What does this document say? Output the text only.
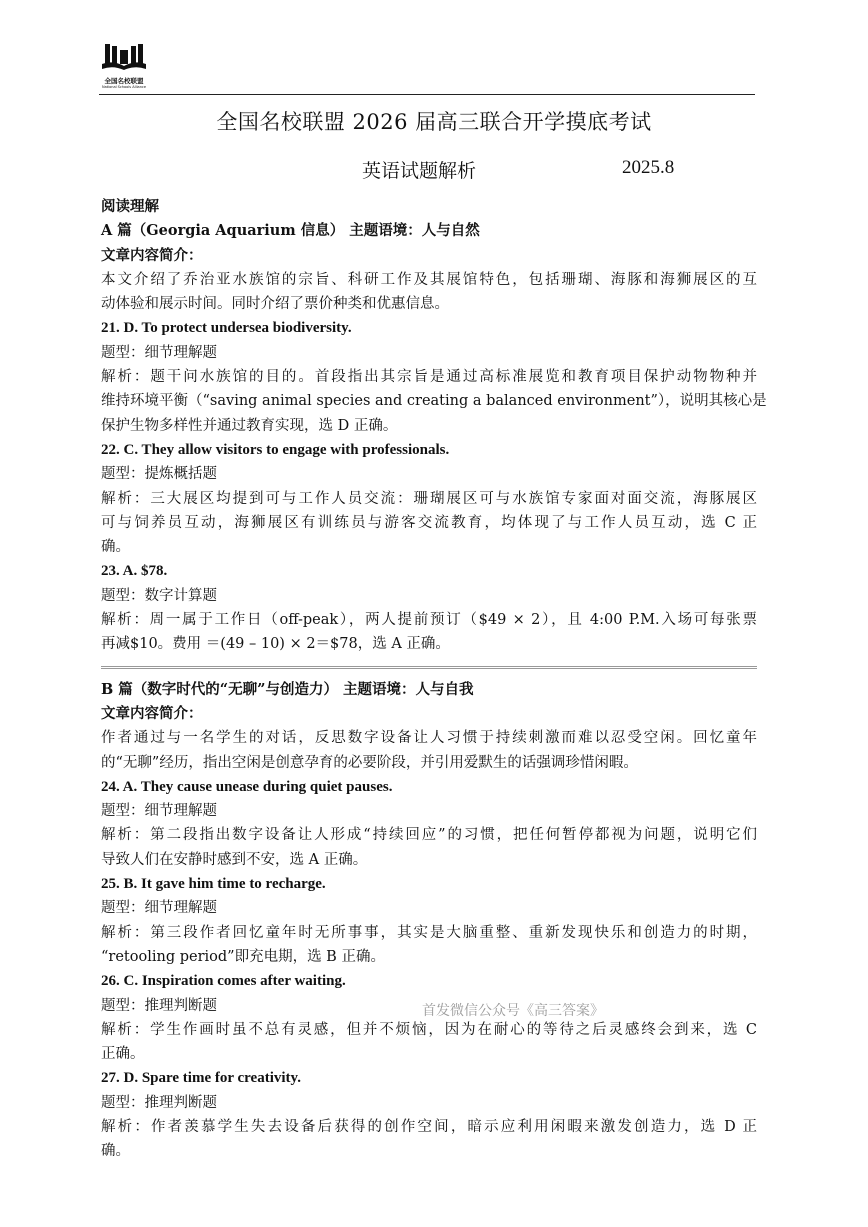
全国名校联盟
National Schools Alliance
全国名校联盟 2026 届高三联合开学摸底考试
英语试题解析	2025.8
阅读理解
A 篇（Georgia Aquarium 信息） 主题语境：人与自然
文章内容简介：
本文介绍了乔治亚水族馆的宗旨、科研工作及其展馆特色，包括珊瑚、海豚和海狮展区的互
动体验和展示时间。同时介绍了票价种类和优惠信息。
21. D. To protect undersea biodiversity.
题型：细节理解题
解析：题干问水族馆的目的。首段指出其宗旨是通过高标准展览和教育项目保护动物物种并
维持环境平衡（“saving animal species and creating a balanced environment”），说明其核心是
保护生物多样性并通过教育实现，选 D 正确。
22. C. They allow visitors to engage with professionals.
题型：提炼概括题
解析：三大展区均提到可与工作人员交流：珊瑚展区可与水族馆专家面对面交流，海豚展区
可与饲养员互动，海狮展区有训练员与游客交流教育，均体现了与工作人员互动，选 C 正
确。
23. A. $78.
题型：数字计算题
解析：周一属于工作日（off-peak），两人提前预订（$49 × 2），且 4:00 P.M.入场可每张票
再减$10。费用 ＝(49 – 10) × 2＝$78，选 A 正确。
B 篇（数字时代的“无聊”与创造力） 主题语境：人与自我
文章内容简介：
作者通过与一名学生的对话，反思数字设备让人习惯于持续刺激而难以忍受空闲。回忆童年
的“无聊”经历，指出空闲是创意孕育的必要阶段，并引用爱默生的话强调珍惜闲暇。
24. A. They cause unease during quiet pauses.
题型：细节理解题
解析：第二段指出数字设备让人形成“持续回应”的习惯，把任何暂停都视为问题，说明它们
导致人们在安静时感到不安，选 A 正确。
25. B. It gave him time to recharge.
题型：细节理解题
解析：第三段作者回忆童年时无所事事，其实是大脑重整、重新发现快乐和创造力的时期，
“retooling period”即充电期，选 B 正确。
26. C. Inspiration comes after waiting.
题型：推理判断题
解析：学生作画时虽不总有灵感，但并不烦恼，因为在耐心的等待之后灵感终会到来，选 C
正确。
27. D. Spare time for creativity.
题型：推理判断题
解析：作者羡慕学生失去设备后获得的创作空间，暗示应利用闲暇来激发创造力，选 D 正
确。
首发微信公众号《高三答案》
